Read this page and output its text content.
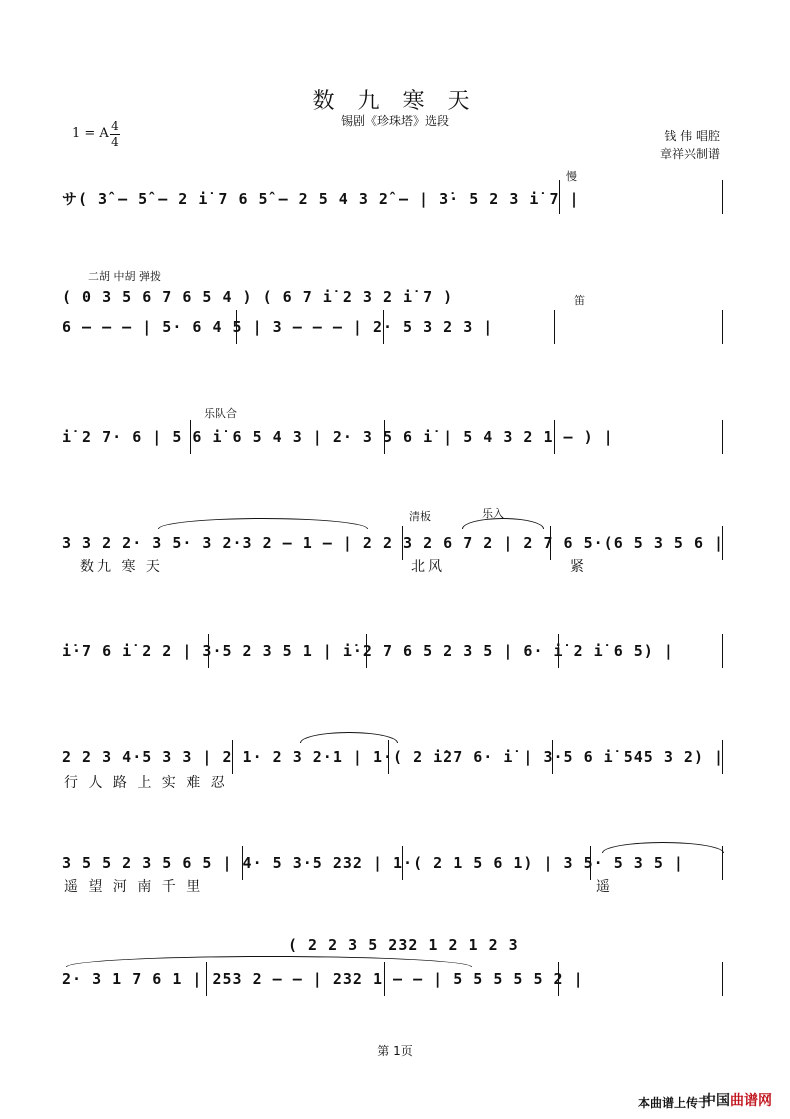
数 九 寒 天
锡剧《珍珠塔》选段
1 = A 4
4	钱 伟 唱腔
章祥兴制谱
慢
二胡 中胡 弹拨
笛
乐队合
清板	乐入
サ( 3̂ – 5̂ – 2 i̇ 7 6 5̂ – 2 5 4 3 2̂ – | 3̇· 5 2 3 i̇ 7 |
( 0 3 5 6 7 6 5 4 ) ( 6 7 i̇ 2 3 2 i̇ 7 )
6 – – – | 5· 6 4 5 | 3 – – – | 2· 5 3 2 3 |
i̇ 2 7· 6 | 5 6 i̇ 6 5 4 3 | 2· 3 5 6 i̇ | 5 4 3 2 1 – ) |
3 3 2 2· 3 5· 3 2·3 2 – 1 – | 2 2 3 2 6 7 2 | 2 7 6 5·(6 5 3 5 6 |
数九 寒 天	北风	紧
i̇·7 6 i̇ 2 2 | 3·5 2 3 5 1 | i̇·2 7 6 5 2 3 5 | 6· i̇ 2 i̇ 6 5) |
2 2 3 4·5 3 3 | 2 1· 2 3 2·1 | 1·( 2 i̇27 6· i̇ | 3·5 6 i̇ 545 3 2) |
行 人 路 上 实 难 忍
3 5 5 2 3 5 6 5 | 4· 5 3·5 232 | 1·( 2 1 5 6 1) | 3 5· 5 3 5 |
遥 望 河 南 千 里	遥
( 2 2 3 5 232 1 2 1 2 3
2· 3 1 7 6 1 | 253 2 – – | 232 1 – – | 5 5 5 5 5 2 |
第 1页
本曲谱上传于
中国曲谱网
